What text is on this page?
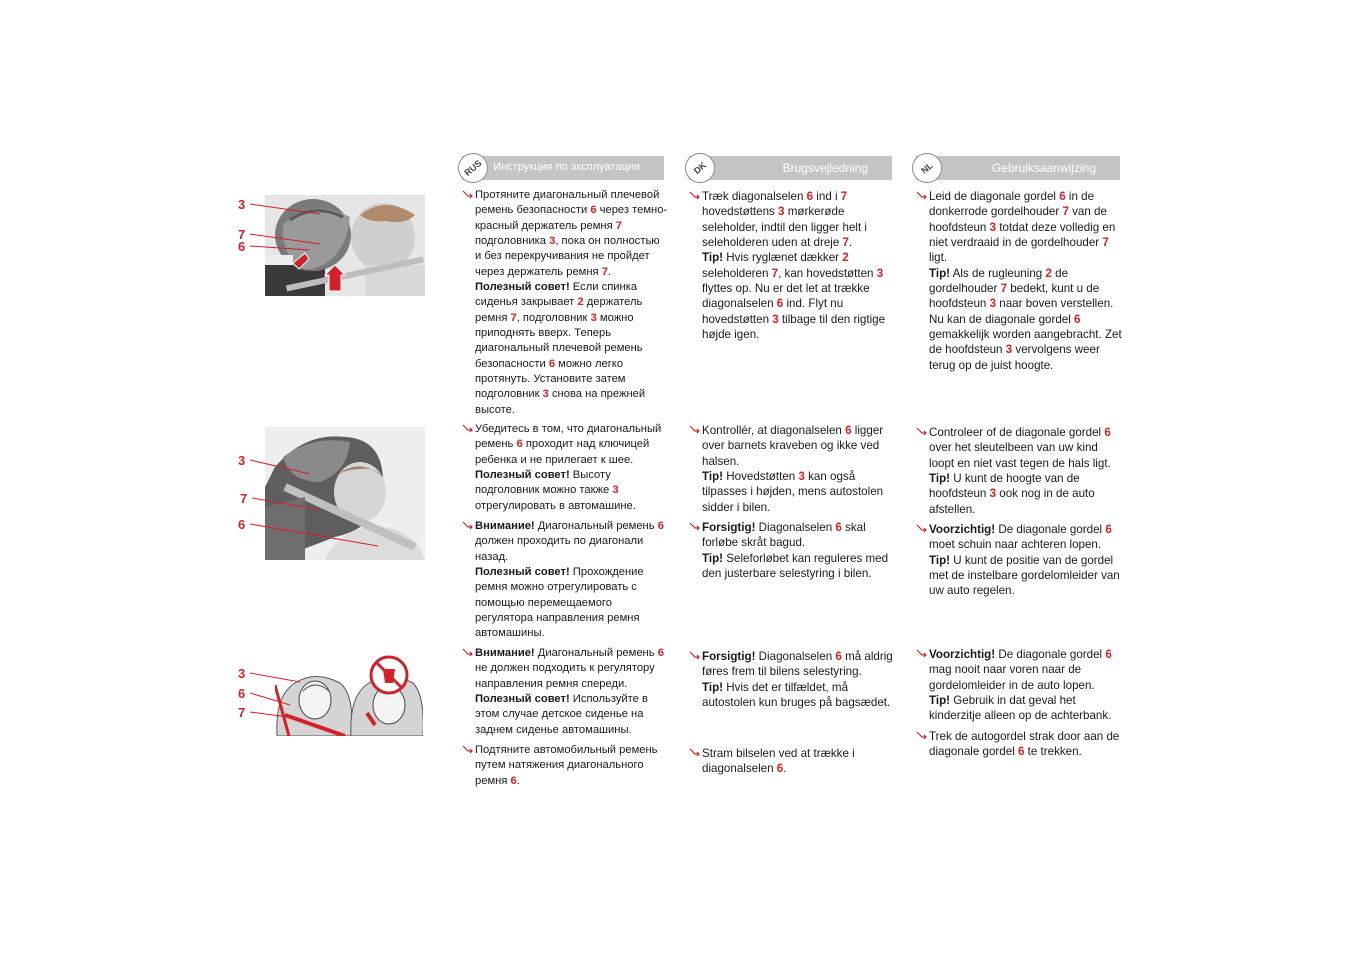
3
7
6
3
7
6
3
6
7
RUS Инструкция по эксплуатации	DK	Brugsvejledning	NL	Gebruiksaanwijzing

Протяните диагональный плечевой ремень безопасности 6 через темно-красный держатель ремня 7 подголовника 3, пока он полностью и без перекручивания не пройдет через держатель ремня 7.
Полезный совет! Если спинка сиденья закрывает 2 держатель ремня 7, подголовник 3 можно приподнять вверх. Теперь диагональный плечевой ремень безопасности 6 можно легко протянуть. Установите затем подголовник 3 снова на прежней высоте.

Убедитесь в том, что диагональный ремень 6 проходит над ключицей ребенка и не прилегает к шее.
Полезный совет! Высоту подголовник можно также 3 отрегулировать в автомашине.

Внимание! Диагональный ремень 6 должен проходить по диагонали назад.
Полезный совет! Прохождение ремня можно отрегулировать с помощью перемещаемого регулятора направления ремня автомашины.

Внимание! Диагональный ремень 6 не должен подходить к регулятору направления ремня спереди.
Полезный совет! Используйте в этом случае детское сиденье на заднем сиденье автомашины.

Подтяните автомобильный ремень путем натяжения диагонального ремня 6.

Træk diagonalselen 6 ind i 7 hovedstøttens 3 mørkerøde seleholder, indtil den ligger helt i seleholderen uden at dreje 7.
Tip! Hvis ryglænet dækker 2 seleholderen 7, kan hovedstøtten 3 flyttes op. Nu er det let at trække diagonalselen 6 ind. Flyt nu hovedstøtten 3 tilbage til den rigtige højde igen.

Kontrollér, at diagonalselen 6 ligger over barnets kraveben og ikke ved halsen.
Tip! Hovedstøtten 3 kan også tilpasses i højden, mens autostolen sidder i bilen.

Forsigtig! Diagonalselen 6 skal forløbe skråt bagud.
Tip! Seleforløbet kan reguleres med den justerbare selestyring i bilen.

Forsigtig! Diagonalselen 6 må aldrig føres frem til bilens selestyring.
Tip! Hvis det er tilfældet, må autostolen kun bruges på bagsædet.

Stram bilselen ved at trække i diagonalselen 6.

Leid de diagonale gordel 6 in de donkerrode gordelhouder 7 van de hoofdsteun 3 totdat deze volledig en niet verdraaid in de gordelhouder 7 ligt.
Tip! Als de rugleuning 2 de gordelhouder 7 bedekt, kunt u de hoofdsteun 3 naar boven verstellen. Nu kan de diagonale gordel 6 gemakkelijk worden aangebracht. Zet de hoofdsteun 3 vervolgens weer terug op de juist hoogte.

Controleer of de diagonale gordel 6 over het sleutelbeen van uw kind loopt en niet vast tegen de hals ligt.
Tip! U kunt de hoogte van de hoofdsteun 3 ook nog in de auto afstellen.

Voorzichtig! De diagonale gordel 6 moet schuin naar achteren lopen.
Tip! U kunt de positie van de gordel met de instelbare gordelomleider van uw auto regelen.

Voorzichtig! De diagonale gordel 6 mag nooit naar voren naar de gordelomleider in de auto lopen.
Tip! Gebruik in dat geval het kinderzitje alleen op de achterbank.

Trek de autogordel strak door aan de diagonale gordel 6 te trekken.
